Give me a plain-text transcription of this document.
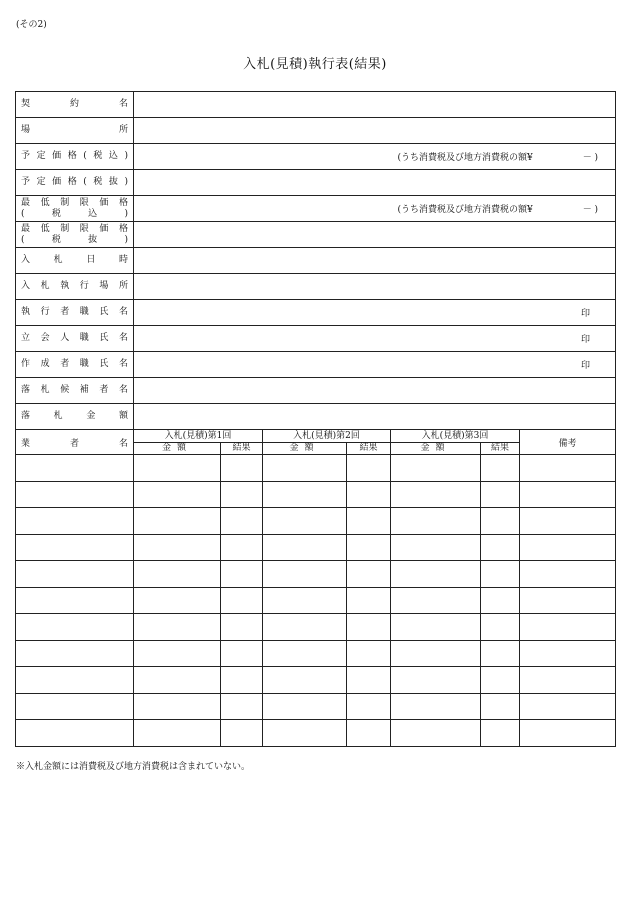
(その2)
入札(見積)執行表(結果)
契約名							

場所							

予定価格(税込)	(うち消費税及び地方消費税の額¥ － )						

予定価格(税抜)							

最低制限価格
(税込)	(うち消費税及び地方消費税の額¥ － )						

最低制限価格
(税抜)							

入札日時							

入札執行場所							

執行者職氏名	印						

立会人職氏名	印						

作成者職氏名	印						

落札候補者名							

落札金額							

業者名	入札(見積)第1回		入札(見積)第2回		入札(見積)第3回		備考
	金額	結果	金額	結果	金額	結果	

※入札金額には消費税及び地方消費税は含まれていない。
